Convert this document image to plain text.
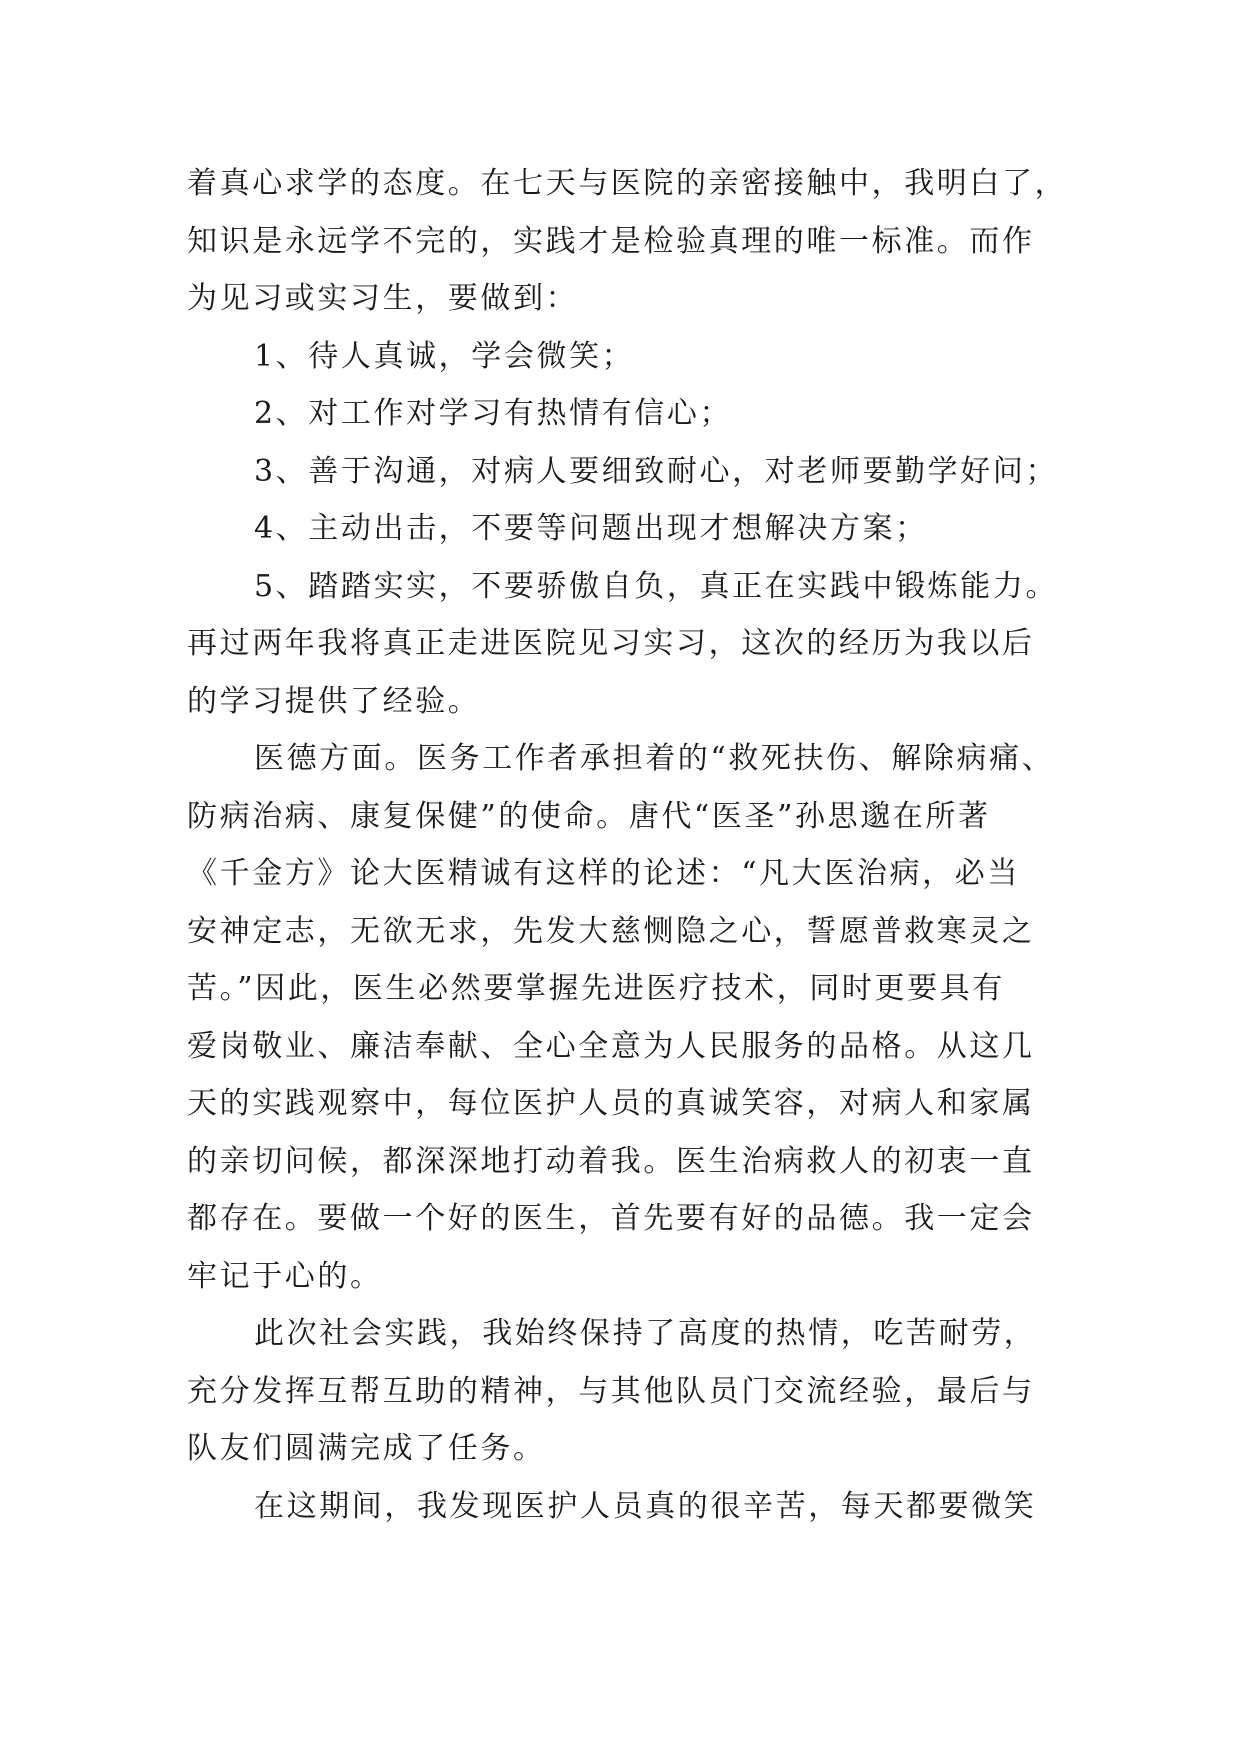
着真心求学的态度。在七天与医院的亲密接触中，我明白了，
知识是永远学不完的，实践才是检验真理的唯一标准。而作
为见习或实习生，要做到：
1、待人真诚，学会微笑；
2、对工作对学习有热情有信心；
3、善于沟通，对病人要细致耐心，对老师要勤学好问；
4、主动出击，不要等问题出现才想解决方案；
5、踏踏实实，不要骄傲自负，真正在实践中锻炼能力。
再过两年我将真正走进医院见习实习，这次的经历为我以后
的学习提供了经验。
医德方面。医务工作者承担着的“救死扶伤、解除病痛、
防病治病、康复保健”的使命。唐代“医圣”孙思邈在所著
《千金方》论大医精诚有这样的论述：“凡大医治病，必当
安神定志，无欲无求，先发大慈恻隐之心，誓愿普救寒灵之
苦。”因此，医生必然要掌握先进医疗技术，同时更要具有
爱岗敬业、廉洁奉献、全心全意为人民服务的品格。从这几
天的实践观察中，每位医护人员的真诚笑容，对病人和家属
的亲切问候，都深深地打动着我。医生治病救人的初衷一直
都存在。要做一个好的医生，首先要有好的品德。我一定会
牢记于心的。
此次社会实践，我始终保持了高度的热情，吃苦耐劳，
充分发挥互帮互助的精神，与其他队员门交流经验，最后与
队友们圆满完成了任务。
在这期间，我发现医护人员真的很辛苦，每天都要微笑
